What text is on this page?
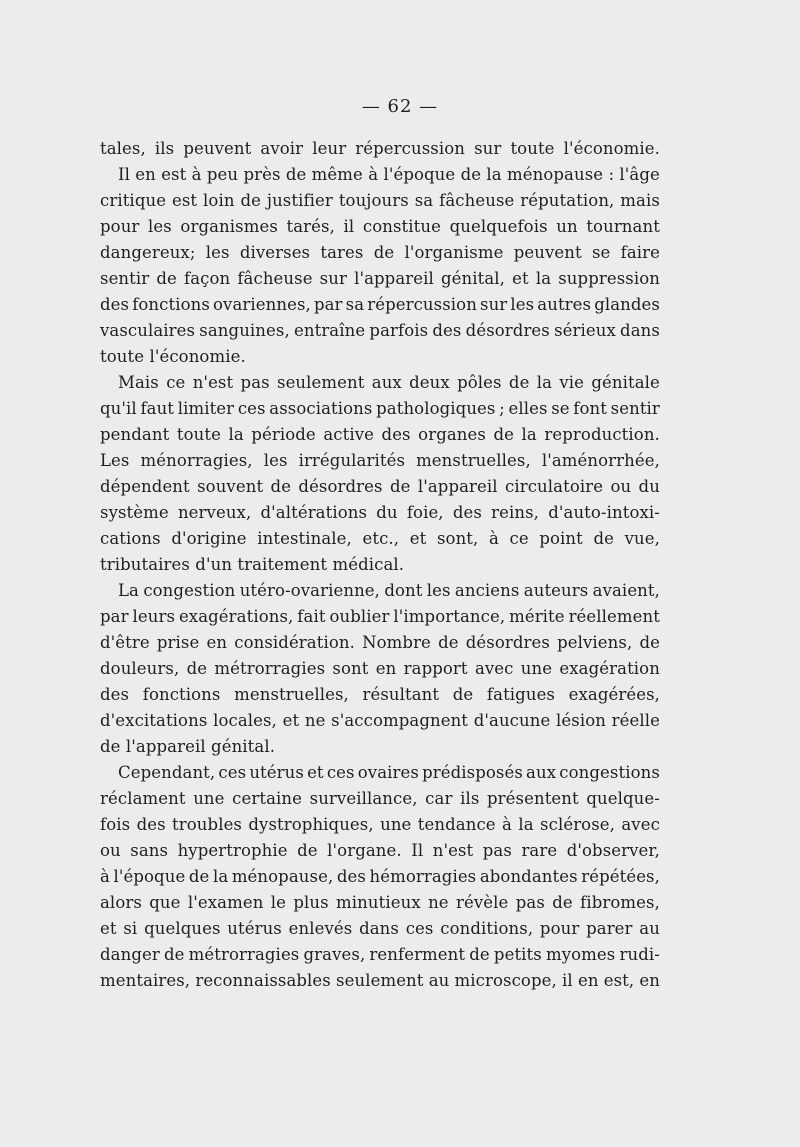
— 62 —
tales, ils peuvent avoir leur répercussion sur toute l'économie.
Il en est à peu près de même à l'époque de la ménopause : l'âge
critique est loin de justifier toujours sa fâcheuse réputation, mais
pour les organismes tarés, il constitue quelquefois un tournant
dangereux; les diverses tares de l'organisme peuvent se faire
sentir de façon fâcheuse sur l'appareil génital, et la suppression
des fonctions ovariennes, par sa répercussion sur les autres glandes
vasculaires sanguines, entraîne parfois des désordres sérieux dans
toute l'économie.
Mais ce n'est pas seulement aux deux pôles de la vie génitale
qu'il faut limiter ces associations pathologiques ; elles se font sentir
pendant toute la période active des organes de la reproduction.
Les ménorragies, les irrégularités menstruelles, l'aménorrhée,
dépendent souvent de désordres de l'appareil circulatoire ou du
système nerveux, d'altérations du foie, des reins, d'auto-intoxi-
cations d'origine intestinale, etc., et sont, à ce point de vue,
tributaires d'un traitement médical.
La congestion utéro-ovarienne, dont les anciens auteurs avaient,
par leurs exagérations, fait oublier l'importance, mérite réellement
d'être prise en considération. Nombre de désordres pelviens, de
douleurs, de métrorragies sont en rapport avec une exagération
des fonctions menstruelles, résultant de fatigues exagérées,
d'excitations locales, et ne s'accompagnent d'aucune lésion réelle
de l'appareil génital.
Cependant, ces utérus et ces ovaires prédisposés aux congestions
réclament une certaine surveillance, car ils présentent quelque-
fois des troubles dystrophiques, une tendance à la sclérose, avec
ou sans hypertrophie de l'organe. Il n'est pas rare d'observer,
à l'époque de la ménopause, des hémorragies abondantes répétées,
alors que l'examen le plus minutieux ne révèle pas de fibromes,
et si quelques utérus enlevés dans ces conditions, pour parer au
danger de métrorragies graves, renferment de petits myomes rudi-
mentaires, reconnaissables seulement au microscope, il en est, en
